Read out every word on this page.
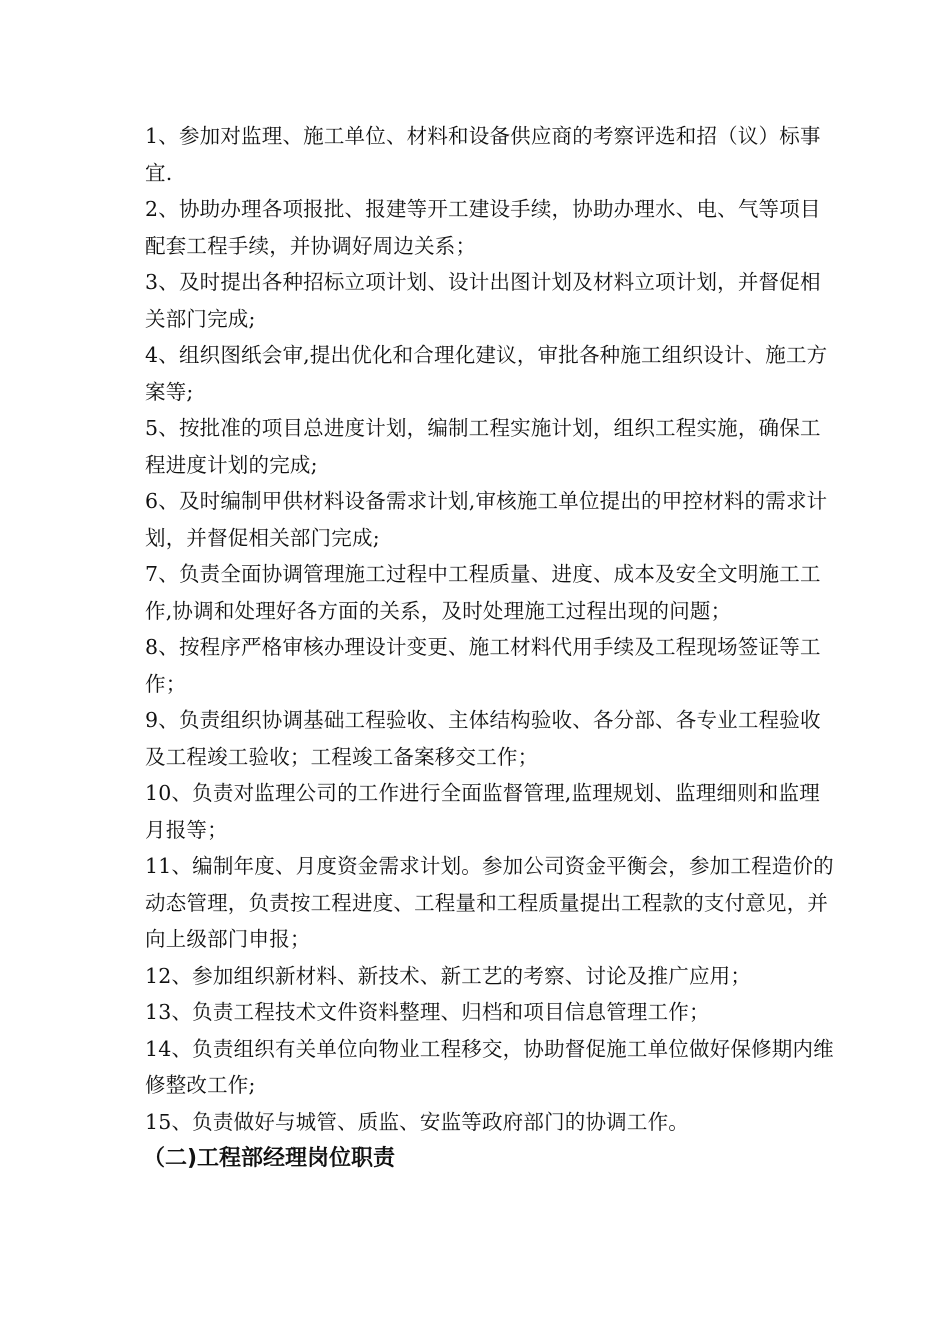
1、参加对监理、施工单位、材料和设备供应商的考察评选和招（议）标事宜.

2、协助办理各项报批、报建等开工建设手续，协助办理水、电、气等项目配套工程手续，并协调好周边关系；

3、及时提出各种招标立项计划、设计出图计划及材料立项计划，并督促相关部门完成;

4、组织图纸会审,提出优化和合理化建议，审批各种施工组织设计、施工方案等;

5、按批准的项目总进度计划，编制工程实施计划，组织工程实施，确保工程进度计划的完成;

6、及时编制甲供材料设备需求计划,审核施工单位提出的甲控材料的需求计划，并督促相关部门完成;

7、负责全面协调管理施工过程中工程质量、进度、成本及安全文明施工工作,协调和处理好各方面的关系，及时处理施工过程出现的问题；

8、按程序严格审核办理设计变更、施工材料代用手续及工程现场签证等工作；

9、负责组织协调基础工程验收、主体结构验收、各分部、各专业工程验收及工程竣工验收；工程竣工备案移交工作；

10、负责对监理公司的工作进行全面监督管理,监理规划、监理细则和监理月报等；

11、编制年度、月度资金需求计划。参加公司资金平衡会，参加工程造价的动态管理，负责按工程进度、工程量和工程质量提出工程款的支付意见，并向上级部门申报；

12、参加组织新材料、新技术、新工艺的考察、讨论及推广应用；

13、负责工程技术文件资料整理、归档和项目信息管理工作；

14、负责组织有关单位向物业工程移交，协助督促施工单位做好保修期内维修整改工作;

15、负责做好与城管、质监、安监等政府部门的协调工作。

（二)工程部经理岗位职责
